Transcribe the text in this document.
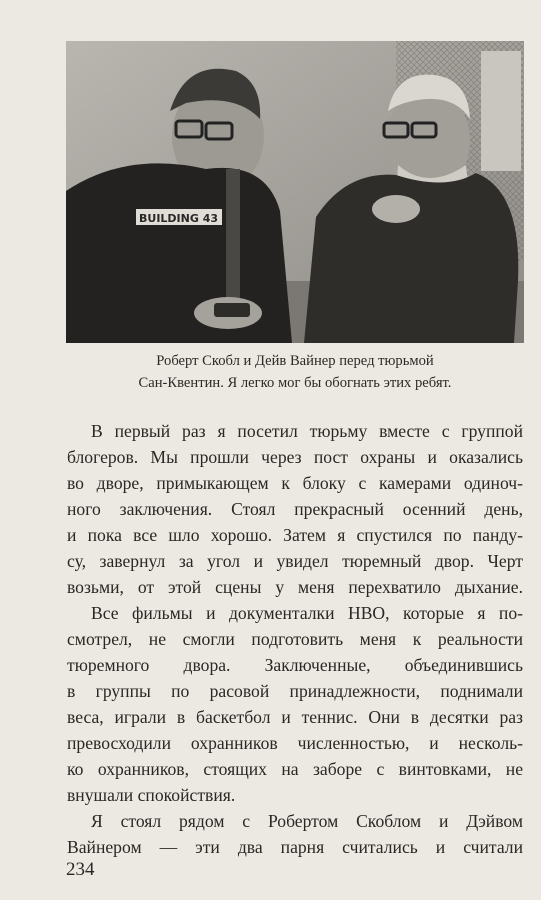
BUILDING 43
Роберт Скобл и Дейв Вайнер перед тюрьмой
Сан-Квентин. Я легко мог бы обогнать этих ребят.
В первый раз я посетил тюрьму вместе с группой
блогеров. Мы прошли через пост охраны и оказались
во дворе, примыкающем к блоку с камерами одиноч-
ного заключения. Стоял прекрасный осенний день,
и пока все шло хорошо. Затем я спустился по панду-
су, завернул за угол и увидел тюремный двор. Черт
возьми, от этой сцены у меня перехватило дыхание.
Все фильмы и документалки HBO, которые я по-
смотрел, не смогли подготовить меня к реальности
тюремного двора. Заключенные, объединившись
в группы по расовой принадлежности, поднимали
веса, играли в баскетбол и теннис. Они в десятки раз
превосходили охранников численностью, и несколь-
ко охранников, стоящих на заборе с винтовками, не
внушали спокойствия.
Я стоял рядом с Робертом Скоблом и Дэйвом
Вайнером — эти два парня считались и считали
234
